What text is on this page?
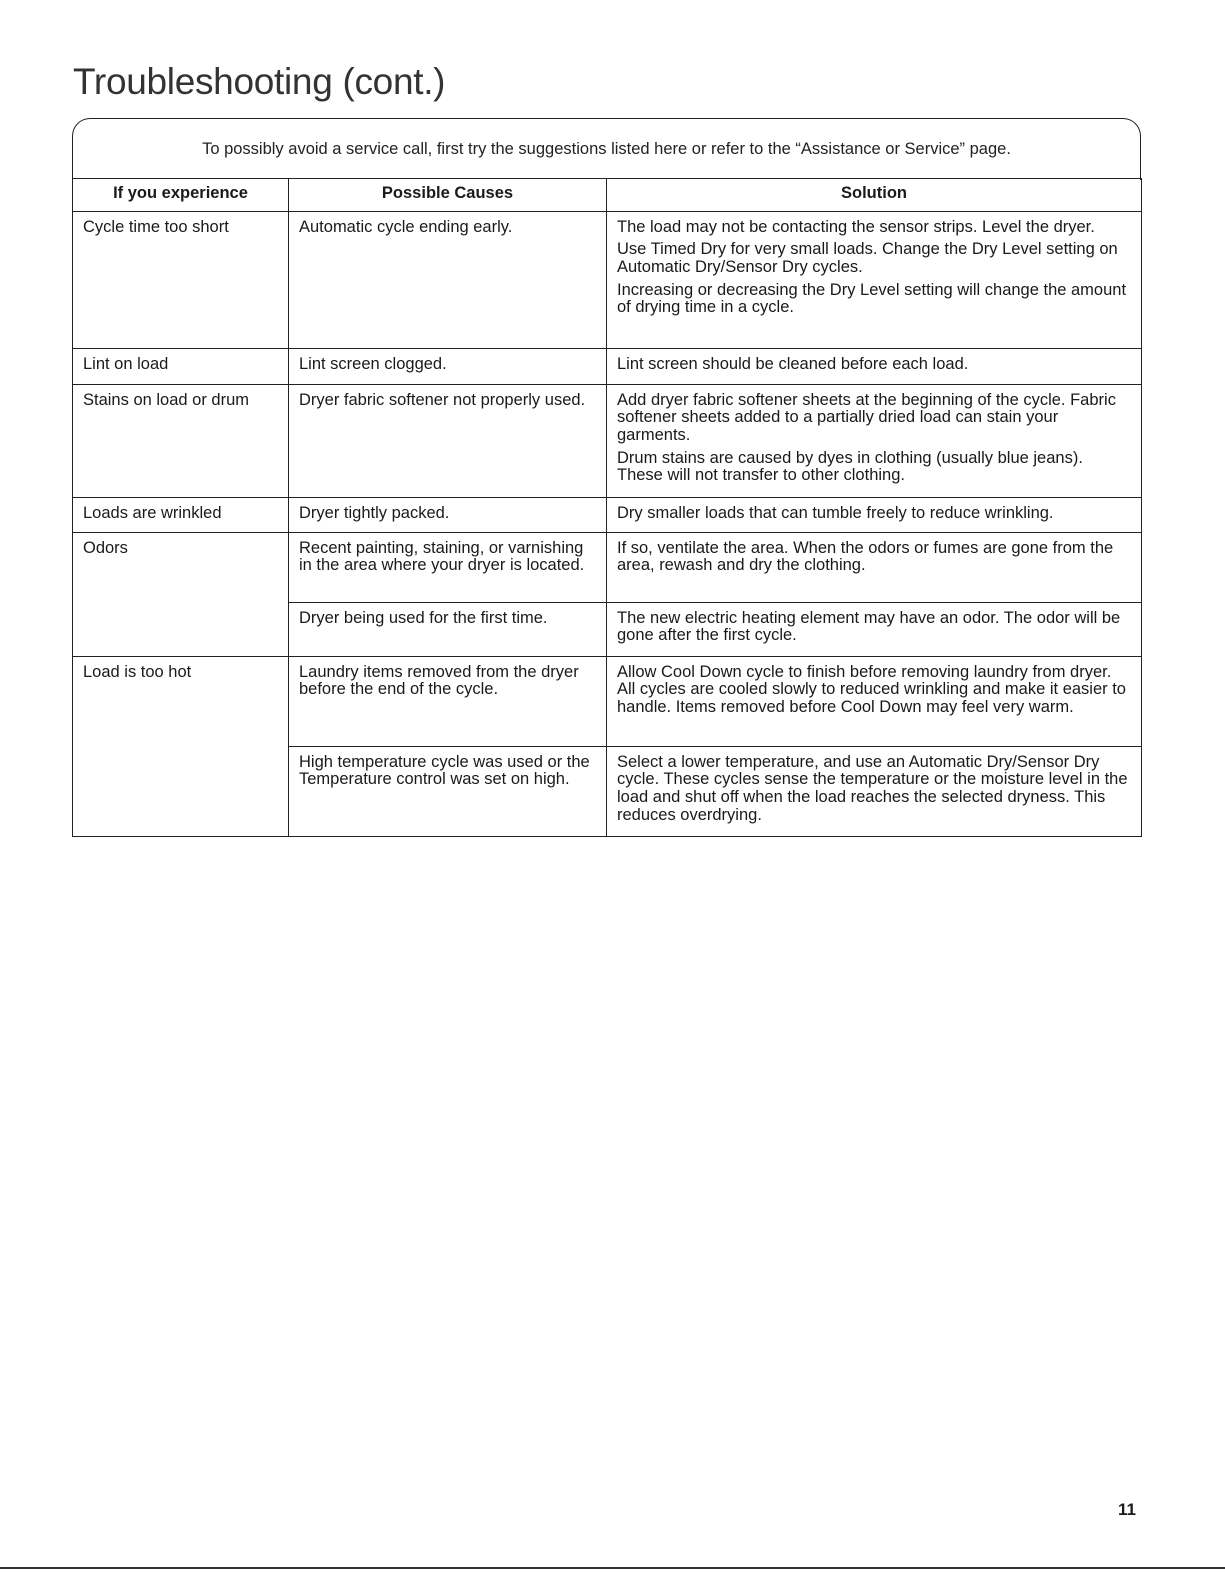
Troubleshooting (cont.)
To possibly avoid a service call, first try the suggestions listed here or refer to the “Assistance or Service” page.
If you experience	Possible Causes	Solution
Cycle time too short	Automatic cycle ending early.	The load may not be contacting the sensor strips. Level the dryer.

Use Timed Dry for very small loads. Change the Dry Level setting on Automatic Dry/Sensor Dry cycles.

Increasing or decreasing the Dry Level setting will change the amount of drying time in a cycle.

Lint on load	Lint screen clogged.	Lint screen should be cleaned before each load.

Stains on load or drum	Dryer fabric softener not properly used.	Add dryer fabric softener sheets at the beginning of the cycle. Fabric softener sheets added to a partially dried load can stain your garments.

Drum stains are caused by dyes in clothing (usually blue jeans). These will not transfer to other clothing.

Loads are wrinkled	Dryer tightly packed.	Dry smaller loads that can tumble freely to reduce wrinkling.

Odors	Recent painting, staining, or varnishing in the area where your dryer is located.	If so, ventilate the area. When the odors or fumes are gone from the area, rewash and dry the clothing.

	Dryer being used for the first time.	The new electric heating element may have an odor. The odor will be gone after the first cycle.

Load is too hot	Laundry items removed from the dryer before the end of the cycle.	Allow Cool Down cycle to finish before removing laundry from dryer. All cycles are cooled slowly to reduced wrinkling and make it easier to handle. Items removed before Cool Down may feel very warm.

	High temperature cycle was used or the Temperature control was set on high.	Select a lower temperature, and use an Automatic Dry/Sensor Dry cycle. These cycles sense the temperature or the moisture level in the load and shut off when the load reaches the selected dryness. This reduces overdrying.

11
